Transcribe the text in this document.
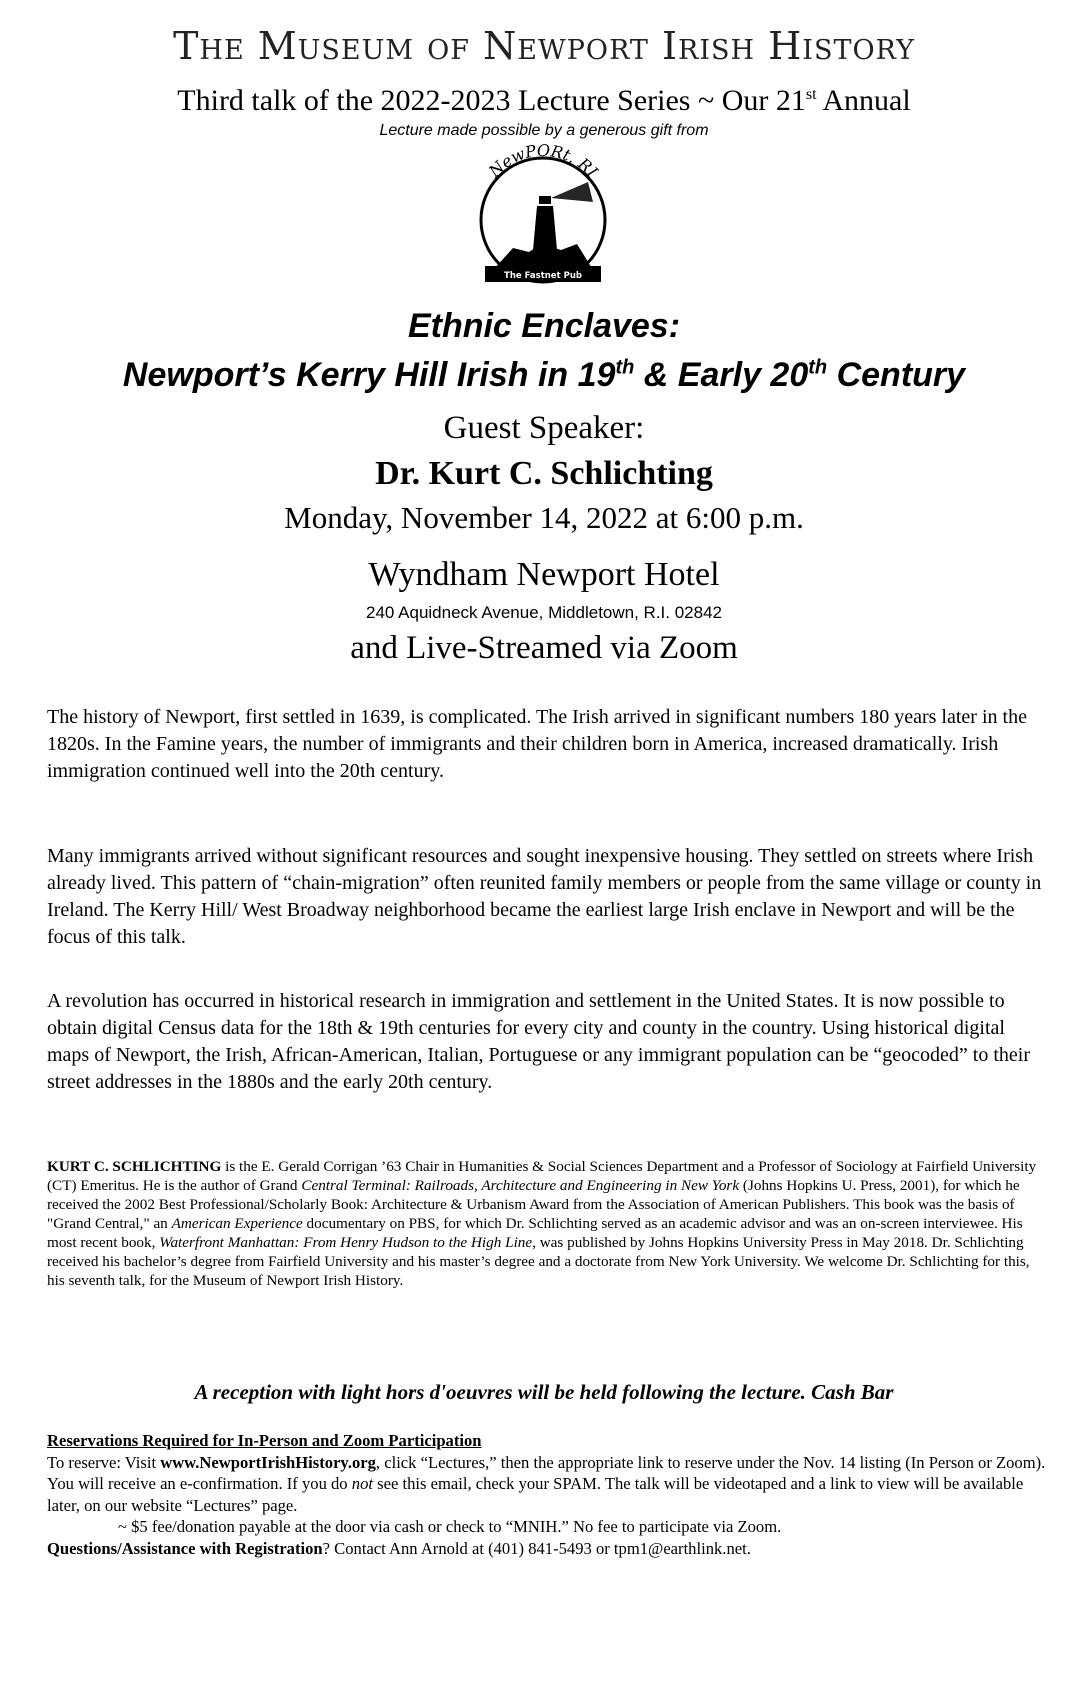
The Museum of Newport Irish History
Third talk of the 2022-2023 Lecture Series ~ Our 21st Annual
Lecture made possible by a generous gift from
NewPORt, RI
The Fastnet Pub
Ethnic Enclaves:
Newport’s Kerry Hill Irish in 19th & Early 20th Century
Guest Speaker:
Dr. Kurt C. Schlichting
Monday, November 14, 2022 at 6:00 p.m.
Wyndham Newport Hotel
240 Aquidneck Avenue, Middletown, R.I. 02842
and Live-Streamed via Zoom

The history of Newport, first settled in 1639, is complicated. The Irish arrived in significant numbers 180 years later in the 1820s. In the Famine years, the number of immigrants and their children born in America, increased dramatically. Irish immigration continued well into the 20th century.

Many immigrants arrived without significant resources and sought inexpensive housing. They settled on streets where Irish already lived. This pattern of “chain-migration” often reunited family members or people from the same village or county in Ireland. The Kerry Hill/ West Broadway neighborhood became the earliest large Irish enclave in Newport and will be the focus of this talk.

A revolution has occurred in historical research in immigration and settlement in the United States. It is now possible to obtain digital Census data for the 18th & 19th centuries for every city and county in the country. Using historical digital maps of Newport, the Irish, African-American, Italian, Portuguese or any immigrant population can be “geocoded” to their street addresses in the 1880s and the early 20th century.

KURT C. SCHLICHTING is the E. Gerald Corrigan ’63 Chair in Humanities & Social Sciences Department and a Professor of Sociology at Fairfield University (CT) Emeritus. He is the author of Grand Central Terminal: Railroads, Architecture and Engineering in New York (Johns Hopkins U. Press, 2001), for which he received the 2002 Best Professional/Scholarly Book: Architecture & Urbanism Award from the Association of American Publishers. This book was the basis of "Grand Central," an American Experience documentary on PBS, for which Dr. Schlichting served as an academic advisor and was an on-screen interviewee. His most recent book, Waterfront Manhattan: From Henry Hudson to the High Line, was published by Johns Hopkins University Press in May 2018. Dr. Schlichting received his bachelor’s degree from Fairfield University and his master’s degree and a doctorate from New York University. We welcome Dr. Schlichting for this, his seventh talk, for the Museum of Newport Irish History.

A reception with light hors d'oeuvres will be held following the lecture. Cash Bar
Reservations Required for In-Person and Zoom Participation
To reserve: Visit www.NewportIrishHistory.org, click “Lectures,” then the appropriate link to reserve under the Nov. 14 listing (In Person or Zoom). You will receive an e-confirmation. If you do not see this email, check your SPAM. The talk will be videotaped and a link to view will be available later, on our website “Lectures” page.
~ $5 fee/donation payable at the door via cash or check to “MNIH.” No fee to participate via Zoom.
Questions/Assistance with Registration? Contact Ann Arnold at (401) 841-5493 or tpm1@earthlink.net.
